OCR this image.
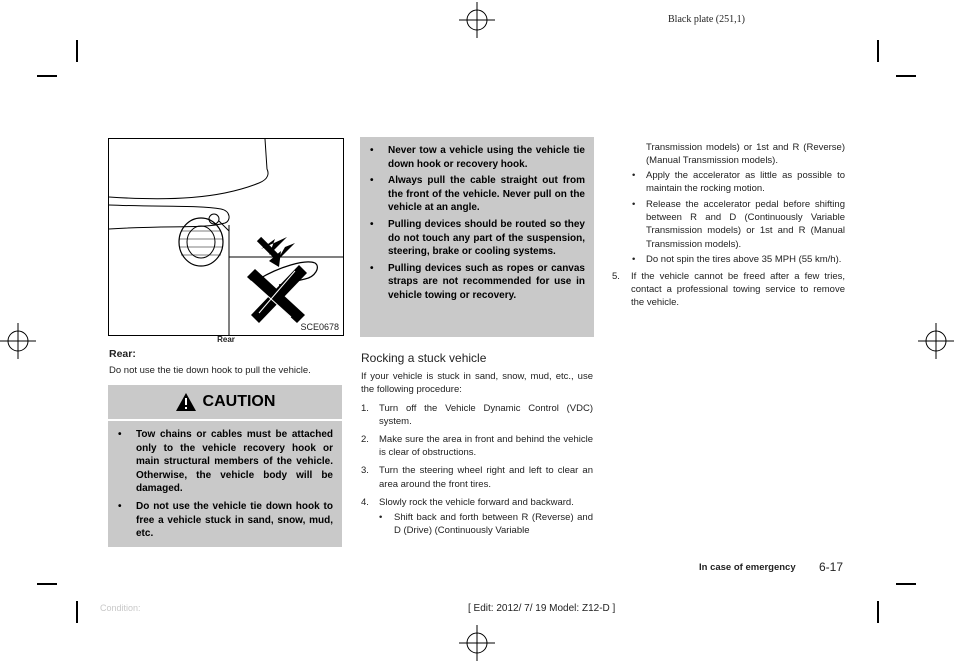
Black plate (251,1)
SCE0678
Rear
Rear:
Do not use the tie down hook to pull the vehicle.
CAUTION
• Tow chains or cables must be attached only to the vehicle recovery hook or main structural members of the vehicle. Otherwise, the vehicle body will be damaged.
• Do not use the vehicle tie down hook to free a vehicle stuck in sand, snow, mud, etc.
• Never tow a vehicle using the vehicle tie down hook or recovery hook.
• Always pull the cable straight out from the front of the vehicle. Never pull on the vehicle at an angle.
• Pulling devices should be routed so they do not touch any part of the suspension, steering, brake or cooling systems.
• Pulling devices such as ropes or canvas straps are not recommended for use in vehicle towing or recovery.
Rocking a stuck vehicle
If your vehicle is stuck in sand, snow, mud, etc., use the following procedure:
1. Turn off the Vehicle Dynamic Control (VDC) system.
2. Make sure the area in front and behind the vehicle is clear of obstructions.
3. Turn the steering wheel right and left to clear an area around the front tires.
4. Slowly rock the vehicle forward and backward.
• Shift back and forth between R (Reverse) and D (Drive) (Continuously Variable
Transmission models) or 1st and R (Reverse) (Manual Transmission models).
• Apply the accelerator as little as possible to maintain the rocking motion.
• Release the accelerator pedal before shifting between R and D (Continuously Variable Transmission models) or 1st and R (Manual Transmission models).
• Do not spin the tires above 35 MPH (55 km/h).
5. If the vehicle cannot be freed after a few tries, contact a professional towing service to remove the vehicle.
In case of emergency 6-17
Condition:	[ Edit: 2012/ 7/ 19 Model: Z12-D ]
